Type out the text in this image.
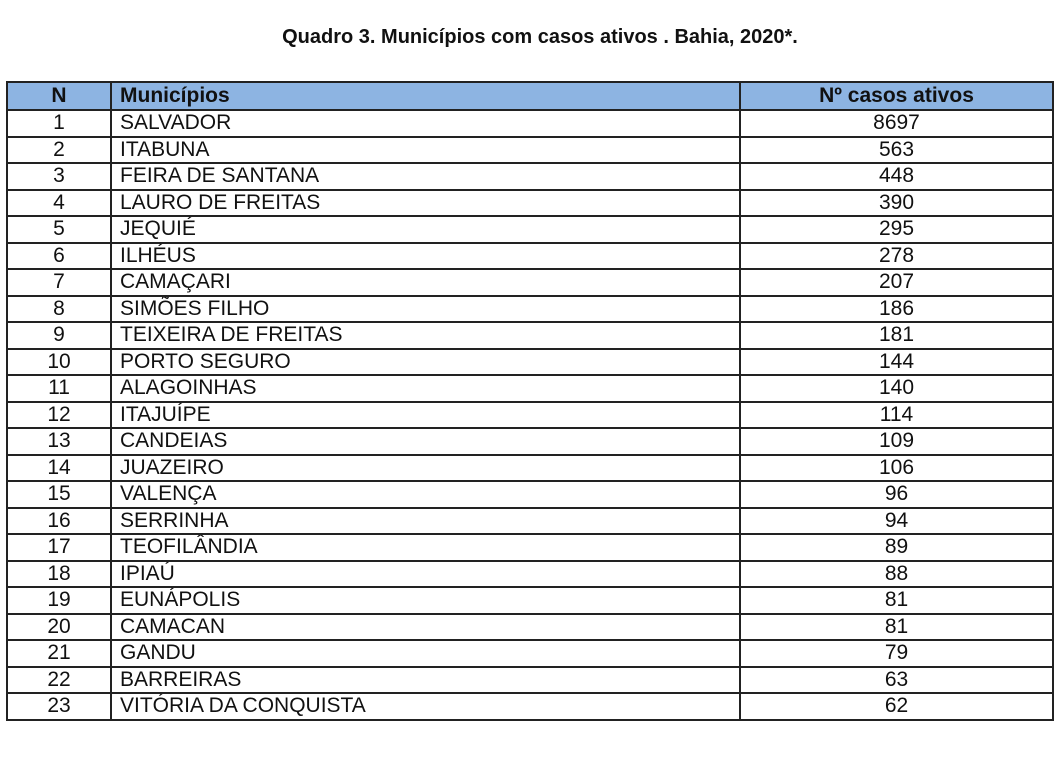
Quadro 3. Municípios com casos ativos . Bahia, 2020*.
N	Municípios	Nº casos ativos
1	SALVADOR	8697
2	ITABUNA	563
3	FEIRA DE SANTANA	448
4	LAURO DE FREITAS	390
5	JEQUIÉ	295
6	ILHÉUS	278
7	CAMAÇARI	207
8	SIMÕES FILHO	186
9	TEIXEIRA DE FREITAS	181
10	PORTO SEGURO	144
11	ALAGOINHAS	140
12	ITAJUÍPE	114
13	CANDEIAS	109
14	JUAZEIRO	106
15	VALENÇA	96
16	SERRINHA	94
17	TEOFILÂNDIA	89
18	IPIAÚ	88
19	EUNÁPOLIS	81
20	CAMACAN	81
21	GANDU	79
22	BARREIRAS	63
23	VITÓRIA DA CONQUISTA	62
